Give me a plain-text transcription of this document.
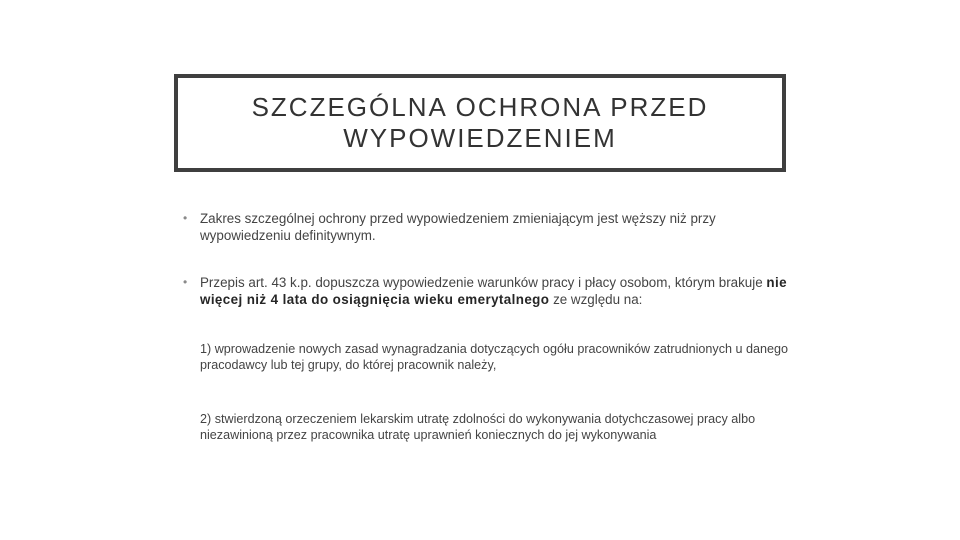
SZCZEGÓLNA OCHRONA PRZED
WYPOWIEDZENIEM

• Zakres szczególnej ochrony przed wypowiedzeniem zmieniającym jest węższy niż przy wypowiedzeniu definitywnym.

• Przepis art. 43 k.p. dopuszcza wypowiedzenie warunków pracy i płacy osobom, którym brakuje nie więcej niż 4 lata do osiągnięcia wieku emerytalnego ze względu na:

1) wprowadzenie nowych zasad wynagradzania dotyczących ogółu pracowników zatrudnionych u danego pracodawcy lub tej grupy, do której pracownik należy,

2) stwierdzoną orzeczeniem lekarskim utratę zdolności do wykonywania dotychczasowej pracy albo niezawinioną przez pracownika utratę uprawnień koniecznych do jej wykonywania
